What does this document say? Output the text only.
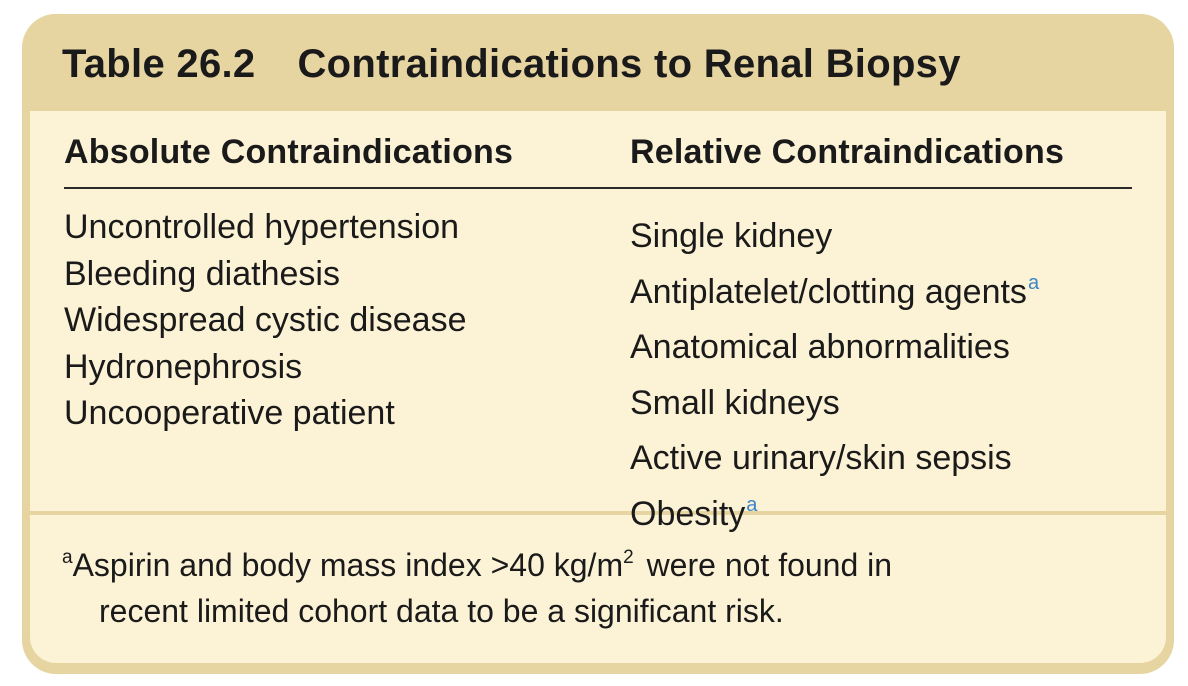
Table 26.2 Contraindications to Renal Biopsy
Absolute Contraindications	Relative Contraindications
Uncontrolled hypertension
Bleeding diathesis
Widespread cystic disease
Hydronephrosis
Uncooperative patient
Single kidney
Antiplatelet/clotting agents$^a$
Anatomical abnormalities
Small kidneys
Active urinary/skin sepsis
Obesity$^a$
$^a$Aspirin and body mass index >40 $kg/m^2$ were not found in
recent limited cohort data to be a significant risk.
